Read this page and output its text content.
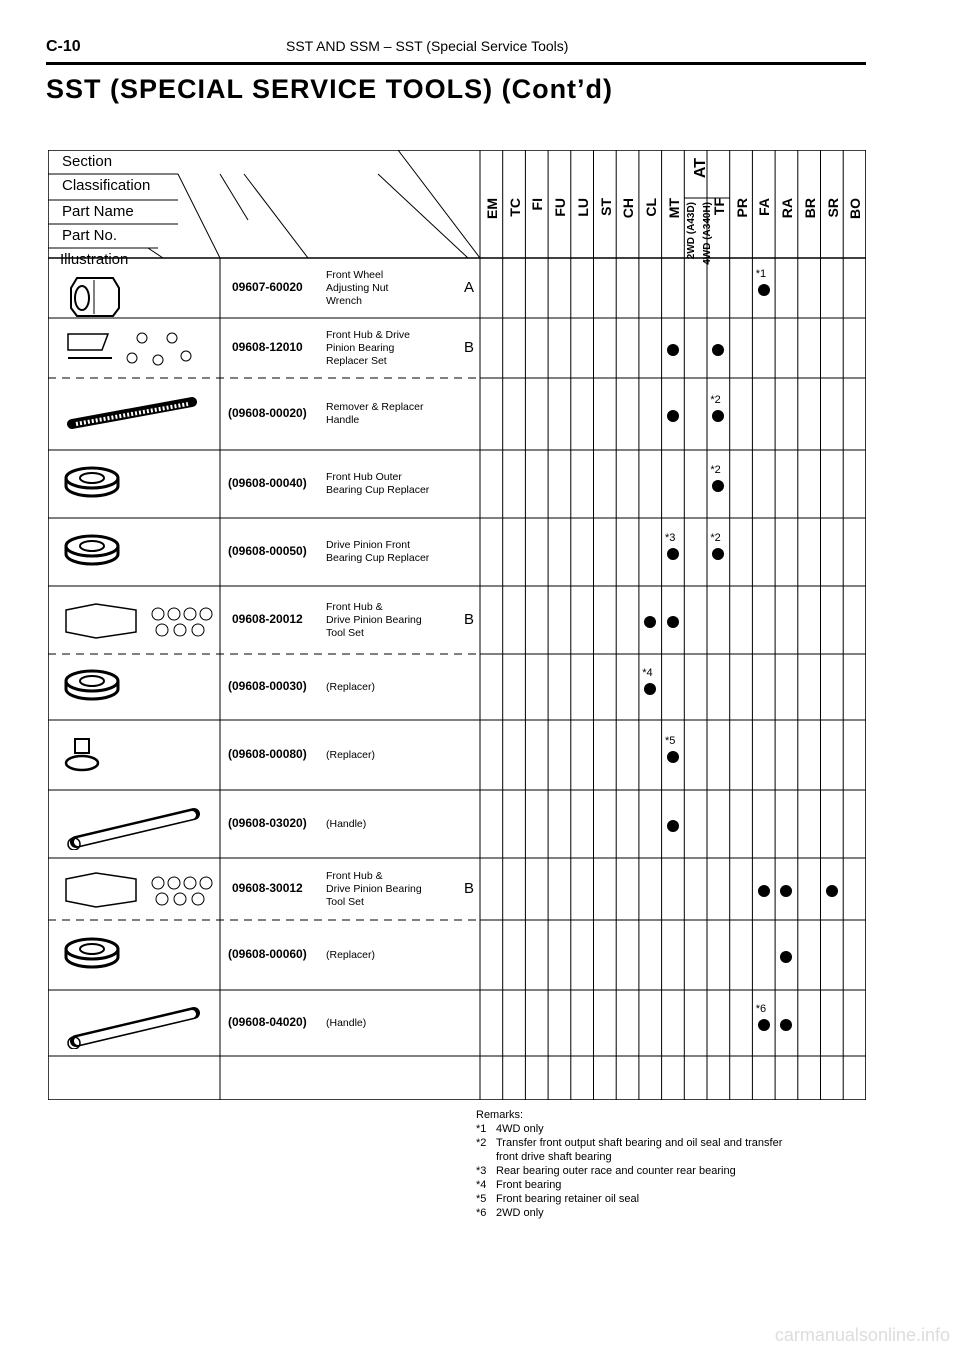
C-10	SST AND SSM – SST (Special Service Tools)
SST (SPECIAL SERVICE TOOLS) (Cont’d)
Section
Classification
Part Name
Part No.
Illustration
EM TC FI FU LU ST CH CL MT
AT
2WD (A43D) 4WD (A340H)
TF PR FA RA BR SR BO
09607-60020
Front Wheel
Adjusting Nut
Wrench
A
09608-12010
Front Hub & Drive
Pinion Bearing
Replacer Set
B
(09608-00020) Remover & Replacer
Handle
(09608-00040) Front Hub Outer
Bearing Cup Replacer
(09608-00050) Drive Pinion Front
Bearing Cup Replacer
09608-20012
Front Hub &
Drive Pinion Bearing
Tool Set
B
(09608-00030) (Replacer)
(09608-00080) (Replacer)
(09608-03020) (Handle)
09608-30012
Front Hub &
Drive Pinion Bearing
Tool Set
B
(09608-00060) (Replacer)
(09608-04020) (Handle)
*1
*2
*2
*3	*2
*4
*5
*6
Remarks:
*1 4WD only
*2 Transfer front output shaft bearing and oil seal and transfer
front drive shaft bearing
*3 Rear bearing outer race and counter rear bearing
*4 Front bearing
*5 Front bearing retainer oil seal
*6 2WD only
carmanualsonline.info
